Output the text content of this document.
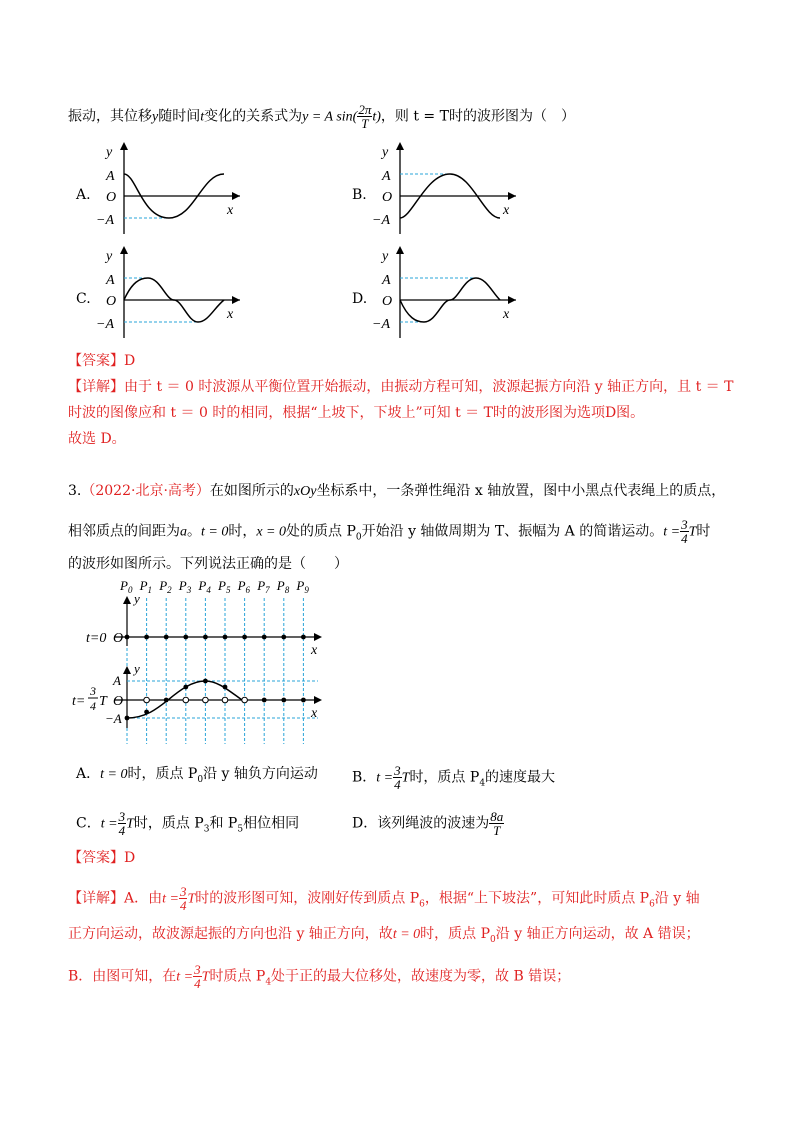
振动，其位移y随时间t变化的关系式为y = A $\sin( \frac{2\pi}{T} t)$，则 t = T时的波形图为（　）
A.	B.
C.	D.
y
A
O
−A
x
y
A
O
−A
x
y
A
O
−A
x
y
A
O
−A
x
【答案】D
【详解】由于 t ＝ 0 时波源从平衡位置开始振动，由振动方程可知，波源起振方向沿 y 轴正方向，且 t ＝ T
时波的图像应和 t ＝ 0 时的相同，根据“上坡下，下坡上”可知 t ＝ T时的波形图为选项D图。
故选 D。
3.（2022·北京·高考）在如图所示的xOy坐标系中，一条弹性绳沿 x 轴放置，图中小黑点代表绳上的质点，
相邻质点的间距为a。t = 0时，x = 0处的质点 $P_0$开始沿 y 轴做周期为 T、振幅为 A 的简谐运动。$t = \frac{3}{4}$ T时
的波形如图所示。下列说法正确的是（　　）
$P_0$ $P_1$ $P_2$ $P_3$ $P_4$ $P_5$ $P_6$ $P_7$ $P_8$ $P_9$
y
t=0 O
x
y
A
O
−A	x
t=
3
4 T
A．t = 0时，质点 $P_0$沿 y 轴负方向运动 B．$t = \frac{3}{4}$ T时，质点 $P_4$的速度最大
C．$t = \frac{3}{4}$ T时，质点 $P_3$和 $P_5$相位相同	D．该列绳波的波速为 $\frac{8a}{T}$
【答案】D
【详解】A．由$t = \frac{3}{4}$ T时的波形图可知，波刚好传到质点 $P_6$，根据“上下坡法”，可知此时质点 $P_6$沿 y 轴
正方向运动，故波源起振的方向也沿 y 轴正方向，故t = 0时，质点 $P_0$沿 y 轴正方向运动，故 A 错误；
B．由图可知，在$t = \frac{3}{4}$ T时质点 $P_4$处于正的最大位移处，故速度为零，故 B 错误；
